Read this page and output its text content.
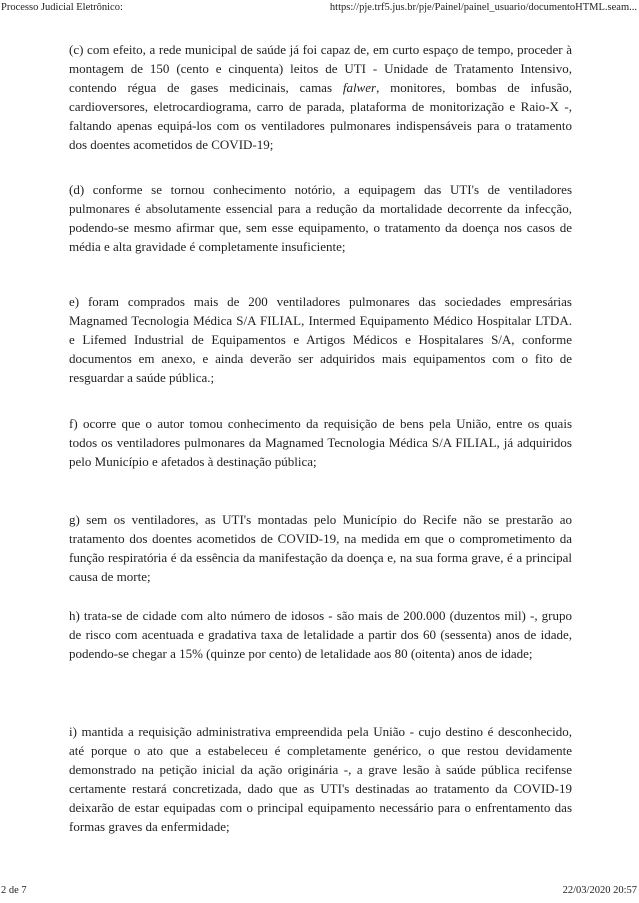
Processo Judicial Eletrônico:	https://pje.trf5.jus.br/pje/Painel/painel_usuario/documentoHTML.seam...

(c) com efeito, a rede municipal de saúde já foi capaz de, em curto espaço de tempo, proceder à montagem de 150 (cento e cinquenta) leitos de UTI - Unidade de Tratamento Intensivo, contendo régua de gases medicinais, camas falwer, monitores, bombas de infusão, cardioversores, eletrocardiograma, carro de parada, plataforma de monitorização e Raio-X -, faltando apenas equipá-los com os ventiladores pulmonares indispensáveis para o tratamento dos doentes acometidos de COVID-19;

(d) conforme se tornou conhecimento notório, a equipagem das UTI's de ventiladores pulmonares é absolutamente essencial para a redução da mortalidade decorrente da infecção, podendo-se mesmo afirmar que, sem esse equipamento, o tratamento da doença nos casos de média e alta gravidade é completamente insuficiente;

e) foram comprados mais de 200 ventiladores pulmonares das sociedades empresárias Magnamed Tecnologia Médica S/A FILIAL, Intermed Equipamento Médico Hospitalar LTDA. e Lifemed Industrial de Equipamentos e Artigos Médicos e Hospitalares S/A, conforme documentos em anexo, e ainda deverão ser adquiridos mais equipamentos com o fito de resguardar a saúde pública.;

f) ocorre que o autor tomou conhecimento da requisição de bens pela União, entre os quais todos os ventiladores pulmonares da Magnamed Tecnologia Médica S/A FILIAL, já adquiridos pelo Município e afetados à destinação pública;

g) sem os ventiladores, as UTI's montadas pelo Município do Recife não se prestarão ao tratamento dos doentes acometidos de COVID-19, na medida em que o comprometimento da função respiratória é da essência da manifestação da doença e, na sua forma grave, é a principal causa de morte;

h) trata-se de cidade com alto número de idosos - são mais de 200.000 (duzentos mil) -, grupo de risco com acentuada e gradativa taxa de letalidade a partir dos 60 (sessenta) anos de idade, podendo-se chegar a 15% (quinze por cento) de letalidade aos 80 (oitenta) anos de idade;

i) mantida a requisição administrativa empreendida pela União - cujo destino é desconhecido, até porque o ato que a estabeleceu é completamente genérico, o que restou devidamente demonstrado na petição inicial da ação originária -, a grave lesão à saúde pública recifense certamente restará concretizada, dado que as UTI's destinadas ao tratamento da COVID-19 deixarão de estar equipadas com o principal equipamento necessário para o enfrentamento das formas graves da enfermidade;

2 de 7	22/03/2020 20:57
